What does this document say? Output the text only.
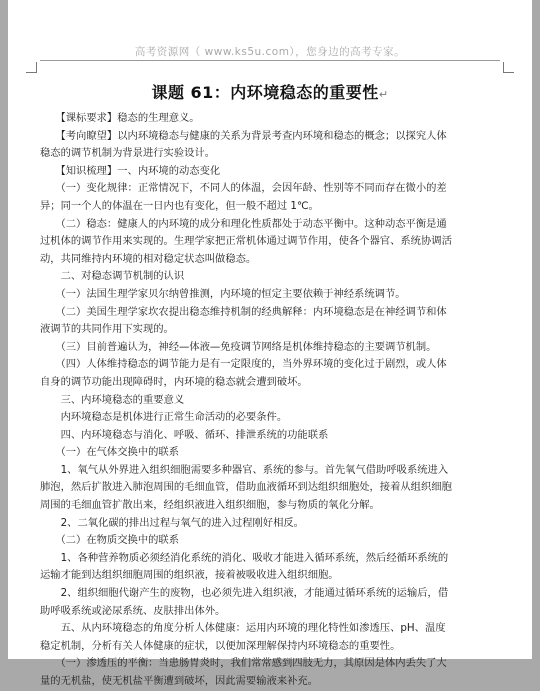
高考资源网（ www.ks5u.com），您身边的高考专家。
课题 61：内环境稳态的重要性↵
　　【课标要求】稳态的生理意义。
　　【考向瞭望】以内环境稳态与健康的关系为背景考查内环境和稳态的概念；以探究人体
稳态的调节机制为背景进行实验设计。
　　【知识梳理】一、内环境的动态变化
　　（一）变化规律：正常情况下，不同人的体温，会因年龄、性别等不同而存在微小的差
异；同一个人的体温在一日内也有变化，但一般不超过 1℃。
　　（二）稳态：健康人的内环境的成分和理化性质都处于动态平衡中。这种动态平衡是通
过机体的调节作用来实现的。生理学家把正常机体通过调节作用，使各个器官、系统协调活
动，共同维持内环境的相对稳定状态叫做稳态。
　　二、对稳态调节机制的认识
　　（一）法国生理学家贝尔纳曾推测，内环境的恒定主要依赖于神经系统调节。
　　（二）美国生理学家坎农提出稳态维持机制的经典解释：内环境稳态是在神经调节和体
液调节的共同作用下实现的。
　　（三）目前普遍认为，神经—体液—免疫调节网络是机体维持稳态的主要调节机制。
　　（四）人体维持稳态的调节能力是有一定限度的，当外界环境的变化过于剧烈，或人体
自身的调节功能出现障碍时，内环境的稳态就会遭到破坏。
　　三、内环境稳态的重要意义
　　内环境稳态是机体进行正常生命活动的必要条件。
　　四、内环境稳态与消化、呼吸、循环、排泄系统的功能联系
　　（一）在气体交换中的联系
　　1、氧气从外界进入组织细胞需要多种器官、系统的参与。首先氧气借助呼吸系统进入
肺泡，然后扩散进入肺泡周围的毛细血管，借助血液循环到达组织细胞处，接着从组织细胞
周围的毛细血管扩散出来，经组织液进入组织细胞，参与物质的氧化分解。
　　2、二氧化碳的排出过程与氧气的进入过程刚好相反。
　　（二）在物质交换中的联系
　　1、各种营养物质必须经消化系统的消化、吸收才能进入循环系统，然后经循环系统的
运输才能到达组织细胞周围的组织液，接着被吸收进入组织细胞。
　　2、组织细胞代谢产生的废物，也必须先进入组织液，才能通过循环系统的运输后，借
助呼吸系统或泌尿系统、皮肤排出体外。
　　五、从内环境稳态的角度分析人体健康：运用内环境的理化特性如渗透压、pH、温度
稳定机制，分析有关人体健康的症状，以便加深理解保持内环境稳态的重要性。
　　（一）渗透压的平衡：当患肠胃炎时，我们常常感到四肢无力，其原因是体内丢失了大
量的无机盐，使无机盐平衡遭到破坏，因此需要输液来补充。
